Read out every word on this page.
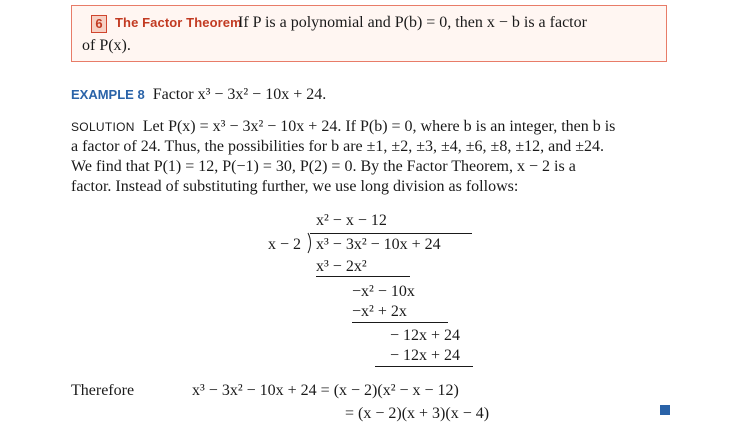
6 The Factor Theorem
If P is a polynomial and P(b) = 0, then x − b is a factor
of P(x).
EXAMPLE 8 Factor x³ − 3x² − 10x + 24.
SOLUTION Let P(x) = x³ − 3x² − 10x + 24. If P(b) = 0, where b is an integer, then b is
a factor of 24. Thus, the possibilities for b are ±1, ±2, ±3, ±4, ±6, ±8, ±12, and ±24.
We find that P(1) = 12, P(−1) = 30, P(2) = 0. By the Factor Theorem, x − 2 is a
factor. Instead of substituting further, we use long division as follows:
x² − x − 12
x − 2 x³ − 3x² − 10x + 24
x³ − 2x²
−x² − 10x
−x² + 2x
− 12x + 24
− 12x + 24
Therefore	x³ − 3x² − 10x + 24 = (x − 2)(x² − x − 12)
= (x − 2)(x + 3)(x − 4)
